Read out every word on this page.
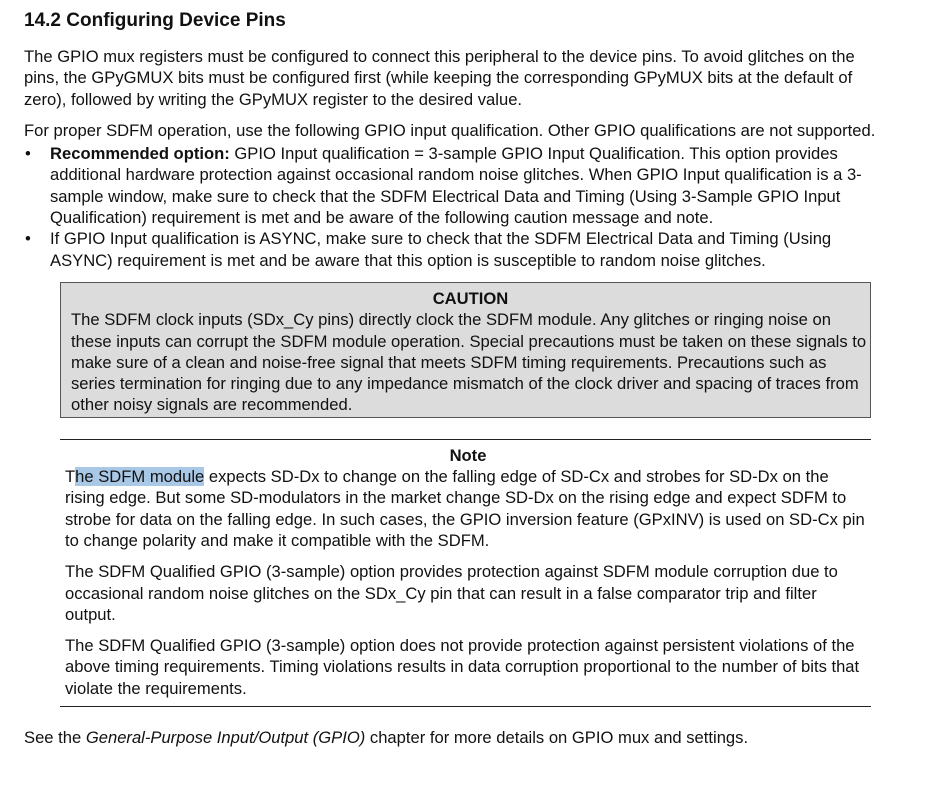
14.2 Configuring Device Pins

The GPIO mux registers must be configured to connect this peripheral to the device pins. To avoid glitches on the pins, the GPyGMUX bits must be configured first (while keeping the corresponding GPyMUX bits at the default of zero), followed by writing the GPyMUX register to the desired value.

For proper SDFM operation, use the following GPIO input qualification. Other GPIO qualifications are not supported.

• Recommended option: GPIO Input qualification = 3-sample GPIO Input Qualification. This option provides additional hardware protection against occasional random noise glitches. When GPIO Input qualification is a 3-sample window, make sure to check that the SDFM Electrical Data and Timing (Using 3-Sample GPIO Input Qualification) requirement is met and be aware of the following caution message and note.
• If GPIO Input qualification is ASYNC, make sure to check that the SDFM Electrical Data and Timing (Using ASYNC) requirement is met and be aware that this option is susceptible to random noise glitches.
CAUTION

The SDFM clock inputs (SDx_Cy pins) directly clock the SDFM module. Any glitches or ringing noise on these inputs can corrupt the SDFM module operation. Special precautions must be taken on these signals to make sure of a clean and noise-free signal that meets SDFM timing requirements. Precautions such as series termination for ringing due to any impedance mismatch of the clock driver and spacing of traces from other noisy signals are recommended.

Note

The SDFM module expects SD-Dx to change on the falling edge of SD-Cx and strobes for SD-Dx on the rising edge. But some SD-modulators in the market change SD-Dx on the rising edge and expect SDFM to strobe for data on the falling edge. In such cases, the GPIO inversion feature (GPxINV) is used on SD-Cx pin to change polarity and make it compatible with the SDFM.

The SDFM Qualified GPIO (3-sample) option provides protection against SDFM module corruption due to occasional random noise glitches on the SDx_Cy pin that can result in a false comparator trip and filter output.

The SDFM Qualified GPIO (3-sample) option does not provide protection against persistent violations of the above timing requirements. Timing violations results in data corruption proportional to the number of bits that violate the requirements.

See the General-Purpose Input/Output (GPIO) chapter for more details on GPIO mux and settings.
